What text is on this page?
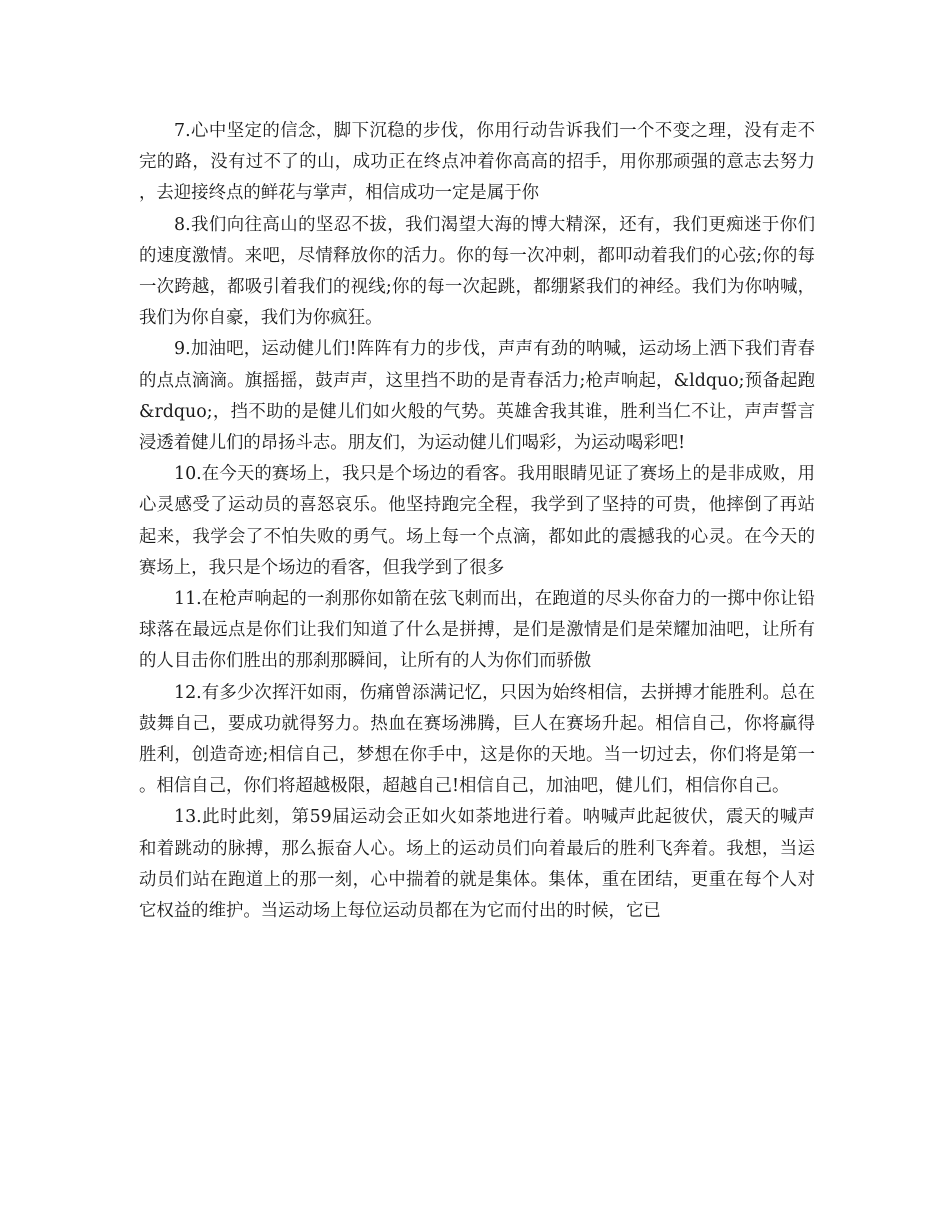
7.心中坚定的信念，脚下沉稳的步伐，你用行动告诉我们一个不变之理，没有走不完的路，没有过不了的山，成功正在终点冲着你高高的招手，用你那顽强的意志去努力，去迎接终点的鲜花与掌声，相信成功一定是属于你

8.我们向往高山的坚忍不拔，我们渴望大海的博大精深，还有，我们更痴迷于你们的速度激情。来吧，尽情释放你的活力。你的每一次冲刺，都叩动着我们的心弦;你的每一次跨越，都吸引着我们的视线;你的每一次起跳，都绷紧我们的神经。我们为你呐喊，我们为你自豪，我们为你疯狂。

9.加油吧，运动健儿们!阵阵有力的步伐，声声有劲的呐喊，运动场上洒下我们青春的点点滴滴。旗摇摇，鼓声声，这里挡不助的是青春活力;枪声响起，&ldquo;预备起跑&rdquo;，挡不助的是健儿们如火般的气势。英雄舍我其谁，胜利当仁不让，声声誓言浸透着健儿们的昂扬斗志。朋友们，为运动健儿们喝彩，为运动喝彩吧!

10.在今天的赛场上，我只是个场边的看客。我用眼睛见证了赛场上的是非成败，用心灵感受了运动员的喜怒哀乐。他坚持跑完全程，我学到了坚持的可贵，他摔倒了再站起来，我学会了不怕失败的勇气。场上每一个点滴，都如此的震撼我的心灵。在今天的赛场上，我只是个场边的看客，但我学到了很多

11.在枪声响起的一刹那你如箭在弦飞刺而出，在跑道的尽头你奋力的一掷中你让铅球落在最远点是你们让我们知道了什么是拼搏，是们是激情是们是荣耀加油吧，让所有的人目击你们胜出的那刹那瞬间，让所有的人为你们而骄傲

12.有多少次挥汗如雨，伤痛曾添满记忆，只因为始终相信，去拼搏才能胜利。总在鼓舞自己，要成功就得努力。热血在赛场沸腾，巨人在赛场升起。相信自己，你将赢得胜利，创造奇迹;相信自己，梦想在你手中，这是你的天地。当一切过去，你们将是第一。相信自己，你们将超越极限，超越自己!相信自己，加油吧，健儿们，相信你自己。

13.此时此刻，第59届运动会正如火如荼地进行着。呐喊声此起彼伏，震天的喊声和着跳动的脉搏，那么振奋人心。场上的运动员们向着最后的胜利飞奔着。我想，当运动员们站在跑道上的那一刻，心中揣着的就是集体。集体，重在团结，更重在每个人对它权益的维护。当运动场上每位运动员都在为它而付出的时候，它已
